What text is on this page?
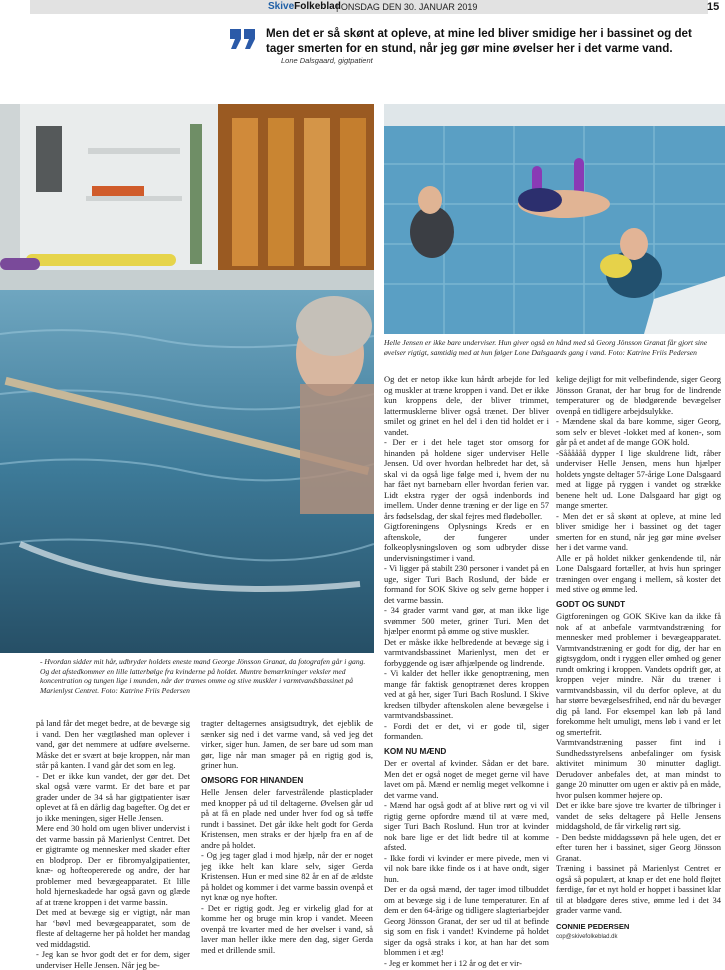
SkiveFolkeblad
| ONSDAG DEN 30. JANUAR 2019	15
Men det er så skønt at opleve, at mine led bliver smidige her i bassinet og det tager smerten for en stund, når jeg gør mine øvelser her i det varme vand.
Lone Dalsgaard, gigtpatient
- Hvordan sidder mit hår, udbryder holdets eneste mand George Jönsson Granat, da fotografen går i gang. Og det afstedkommer en lille latterbølge fra kvinderne på holdet. Muntre bemærkninger veksler med koncentration og tungen lige i munden, når der trænes omme og stive muskler i varmtvandsbassinet på Marienlyst Centret. Foto: Katrine Friis Pedersen
Helle Jensen er ikke bare underviser. Hun giver også en hånd med så Georg Jönsson Granat får gjort sine øvelser rigtigt, samtidig med at hun følger Lone Dalsgaards gang i vand. Foto: Katrine Friis Pedersen

på land får det meget bedre, at de bevæge sig i vand. Den her vægtløshed man oplever i vand, gør det nemmere at udføre øvelserne. Måske det er svært at bøje kroppen, når man står på kanten. I vand går det som en leg.

- Det er ikke kun vandet, der gør det. Det skal også være varmt. Er det bare et par grader under de 34 så har gigtpatienter især oplevet at få en dårlig dag bagefter. Og det er jo ikke meningen, siger Helle Jensen.

Mere end 30 hold om ugen bliver undervist i det varme bassin på Marienlyst Centret. Det er gigtramte og mennesker med skader efter en blodprop. Der er fibromyalgipatienter, knæ- og hofteopererede og andre, der har problemer med bevægeapparatet. Et lille hold hjerneskadede har også gavn og glæde af at træne kroppen i det varme bassin.

Det med at bevæge sig er vigtigt, når man har ‘bøvl med bevægeapparatet, som de fleste af deltagerne her på holdet her mandag ved middagstid.

- Jeg kan se hvor godt det er for dem, siger underviser Helle Jensen. Når jeg be-

tragter deltagernes ansigtsudtryk, det ejeblik de sænker sig ned i det varme vand, så ved jeg det virker, siger hun. Jamen, de ser bare ud som man gør, lige når man smager på en rigtig god is, griner hun.

OMSORG FOR HINANDEN

Helle Jensen deler farvestrålende plasticplader med knopper på ud til deltagerne. Øvelsen går ud på at få en plade ned under hver fod og så tøffe rundt i bassinet. Det går ikke helt godt for Gerda Kristensen, men straks er der hjælp fra en af de andre på holdet.

- Og jeg tager glad i mod hjælp, når der er noget jeg ikke helt kan klare selv, siger Gerda Kristensen. Hun er med sine 82 år en af de ældste på holdet og kommer i det varme bassin ovenpå et nyt knæ og nye hofter.

- Det er rigtig godt. Jeg er virkelig glad for at komme her og bruge min krop i vandet. Meeen ovenpå tre kvarter med de her øvelser i vand, så laver man heller ikke mere den dag, siger Gerda med et drillende smil.

Og det er netop ikke kun hårdt arbejde for led og muskler at træne kroppen i vand. Det er ikke kun kroppens dele, der bliver trimmet, lattermusklerne bliver også trænet. Der bliver smilet og grinet en hel del i den tid holdet er i vandet.

- Der er i det hele taget stor omsorg for hinanden på holdene siger underviser Helle Jensen. Ud over hvordan helbredet har det, så skal vi da også lige følge med i, hvem der nu har fået nyt barnebarn eller hvordan ferien var. Lidt ekstra ryger der også indenbords ind imellem. Under denne træning er der lige en 57 års fødselsdag, der skal fejres med flødeboller.

Gigtforeningens Oplysnings Kreds er en aftenskole, der fungerer under folkeoplysningsloven og som udbryder disse undervisningstimer i vand.

- Vi ligger på stabilt 230 personer i vandet på en uge, siger Turi Bach Roslund, der både er formand for SOK Skive og selv gerne hopper i det varme bassin.

- 34 grader varmt vand gør, at man ikke lige svømmer 500 meter, griner Turi. Men det hjælper enormt på ømme og stive muskler.

Det er måske ikke helbredende at bevæge sig i varmtvandsbassinet Marienlyst, men det er forbyggende og især afhjælpende og lindrende.

- Vi kalder det heller ikke genoptræning, men mange får faktisk genoptrænet deres kroppen ved at gå her, siger Turi Bach Roslund. I Skive kredsen tilbyder aftenskolen alene bevægelse i varmtvandsbassinet.

- Fordi det er det, vi er gode til, siger formanden.

KOM NU MÆND

Der er overtal af kvinder. Sådan er det bare. Men det er også noget de meget gerne vil have lavet om på. Mænd er nemlig meget velkomne i det varme vand.

- Mænd har også godt af at blive rørt og vi vil rigtig gerne opfordre mænd til at være med, siger Turi Bach Roslund. Hun tror at kvinder nok bare lige er det lidt bedre til at komme afsted.

- Ikke fordi vi kvinder er mere pivede, men vi vil nok bare ikke finde os i at have ondt, siger hun.

Der er da også mænd, der tager imod tilbuddet om at bevæge sig i de lune temperaturer. En af dem er den 64-årige og tidligere slagteriarbejder Georg Jönsson Granat, der ser ud til at befinde sig som en fisk i vandet! Kvinderne på holdet siger da også straks i kor, at han har det som blommen i et æg!

- Jeg er kommet her i 12 år og det er vir-

kelige dejligt for mit velbefindende, siger Georg Jönsson Granat, der har brug for de lindrende temperaturer og de blødgørende bevægelser ovenpå en tidligere arbejdsulykke.

- Mændene skal da bare komme, siger Georg, som selv er blevet -lokket med af konen-, som går på et andet af de mange GOK hold.

-Såååååå dypper I lige skuldrene lidt, råber underviser Helle Jensen, mens hun hjælper holdets yngste deltager 57-årige Lone Dalsgaard med at ligge på ryggen i vandet og strække benene helt ud. Lone Dalsgaard har gigt og mange smerter.

- Men det er så skønt at opleve, at mine led bliver smidige her i bassinet og det tager smerten for en stund, når jeg gør mine øvelser her i det varme vand.

Alle er på holdet nikker genkendende til, når Lone Dalsgaard fortæller, at hvis hun springer træningen over engang i mellem, så koster det med stive og ømme led.

GODT OG SUNDT

Gigtforeningen og GOK SKive kan da ikke få nok af at anbefale varmtvandstræning for mennesker med problemer i bevægeapparatet. Varmtvandstræning er godt for dig, der har en gigtsygdom, ondt i ryggen eller ømhed og gener rundt omkring i kroppen. Vandets opdrift gør, at kroppen vejer mindre. Når du træner i varmtvandsbassin, vil du derfor opleve, at du har større bevægelsesfrihed, end når du bevæger dig på land. For eksempel kan løb på land forekomme helt umuligt, mens løb i vand er let og smertefrit.

Varmtvandstræning passer fint ind i Sundhedsstyrelsens anbefalinger om fysisk aktivitet minimum 30 minutter dagligt. Derudover anbefales det, at man mindst to gange 20 minutter om ugen er aktiv på en måde, hvor pulsen kommer højere op.

Det er ikke bare sjove tre kvarter de tilbringer i vandet de seks deltagere på Helle Jensens middagshold, de får virkelig rørt sig.

- Den bedste middagssøvn på hele ugen, det er efter turen her i bassinet, siger Georg Jönsson Granat.

Træning i bassinet på Marienlyst Centret er også så populært, at knap er det ene hold fløjtet færdige, før et nyt hold er hoppet i bassinet klar til at blødgøre deres stive, ømme led i det 34 grader varme vand.

CONNIE PEDERSEN
cop@skivefolkeblad.dk
